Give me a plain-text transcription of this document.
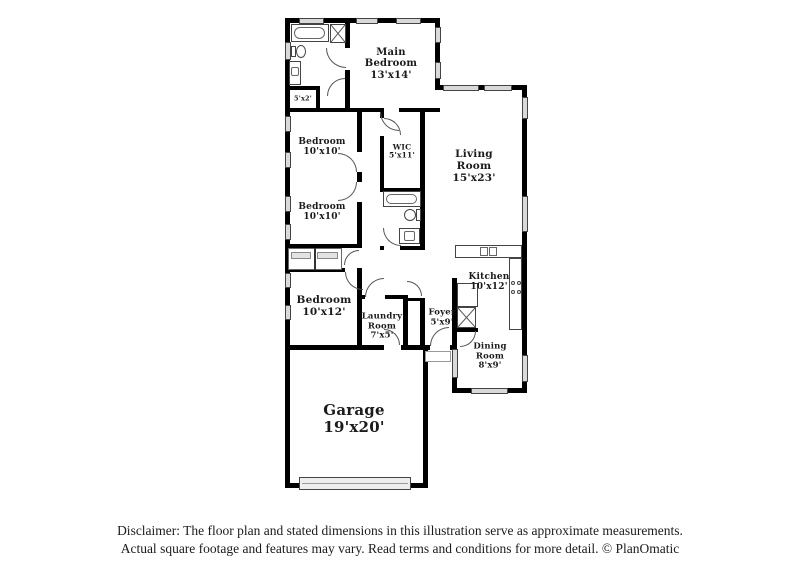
Main
Bedroom
13'x14'
5'x2'
Bedroom
10'x10'	WIC
5'x11'	Living
Room
15'x23'
Bedroom
10'x10'
Kitchen
10'x12'
Bedroom
10'x12'	Laundry
Room
7'x5'
Foyer
5'x9'
Dining
Room
8'x9'
Garage
19'x20'
Disclaimer: The floor plan and stated dimensions in this illustration serve as approximate measurements.
Actual square footage and features may vary. Read terms and conditions for more detail. © PlanOmatic
